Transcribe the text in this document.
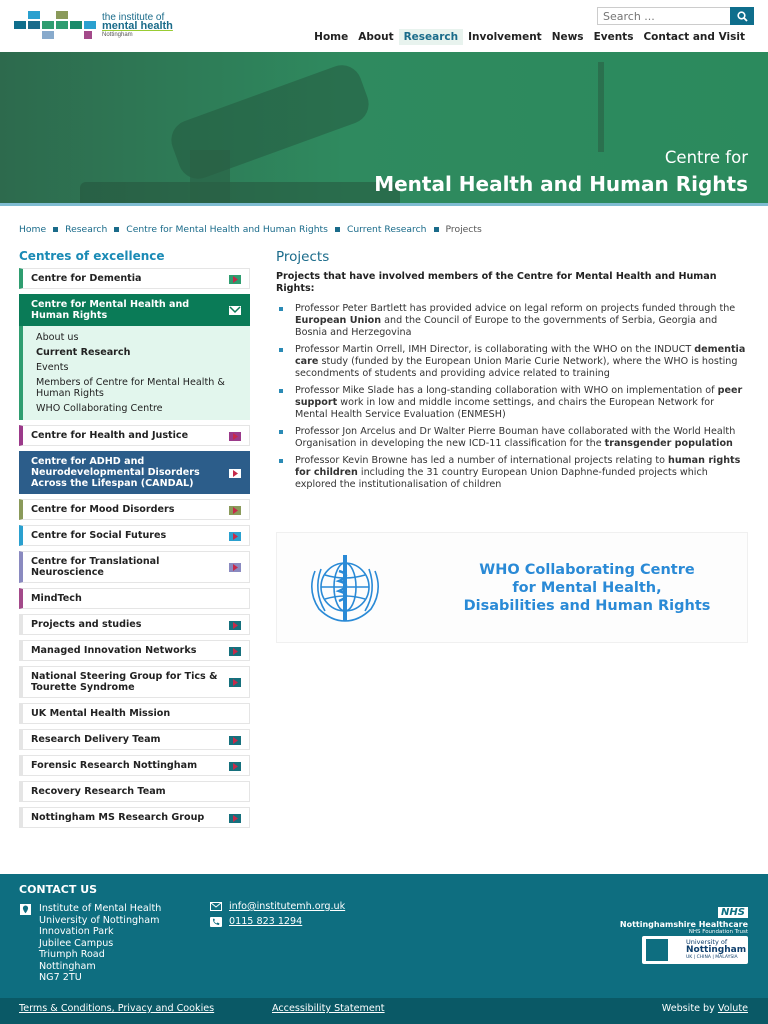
the institute of
mental health
Nottingham
Search ...	Home About Research Involvement News Events Contact and Visit
Centre for
Mental Health and Human Rights
Home Research Centre for Mental Health and Human Rights Current Research Projects
Centres of excellence
Centre for Dementia
Centre for Mental Health and Human Rights
About us
Current Research
Events
Members of Centre for Mental Health & Human Rights
WHO Collaborating Centre
Centre for Health and Justice
Centre for ADHD and Neurodevelopmental Disorders Across the Lifespan (CANDAL)
Centre for Mood Disorders
Centre for Social Futures
Centre for Translational Neuroscience
MindTech
Projects and studies
Managed Innovation Networks
National Steering Group for Tics & Tourette Syndrome
UK Mental Health Mission
Research Delivery Team
Forensic Research Nottingham
Recovery Research Team
Nottingham MS Research Group
Projects

Projects that have involved members of the Centre for Mental Health and Human Rights:

Professor Peter Bartlett has provided advice on legal reform on projects funded through the European Union and the Council of Europe to the governments of Serbia, Georgia and Bosnia and Herzegovina
Professor Martin Orrell, IMH Director, is collaborating with the WHO on the INDUCT dementia care study (funded by the European Union Marie Curie Network), where the WHO is hosting secondments of students and providing advice related to training
Professor Mike Slade has a long-standing collaboration with WHO on implementation of peer support work in low and middle income settings, and chairs the European Network for Mental Health Service Evaluation (ENMESH)
Professor Jon Arcelus and Dr Walter Pierre Bouman have collaborated with the World Health Organisation in developing the new ICD-11 classification for the transgender population
Professor Kevin Browne has led a number of international projects relating to human rights for children including the 31 country European Union Daphne-funded projects which explored the institutionalisation of children
WHO Collaborating Centre
for Mental Health,
Disabilities and Human Rights
CONTACT US
Institute of Mental Health
University of Nottingham
Innovation Park
Jubilee Campus
Triumph Road
Nottingham
NG7 2TU
info@institutemh.org.uk
0115 823 1294
NHS
Nottinghamshire Healthcare
NHS Foundation Trust
University of
Nottingham
UK | CHINA | MALAYSIA
Terms & Conditions, Privacy and Cookies	Accessibility Statement	Website by Volute
